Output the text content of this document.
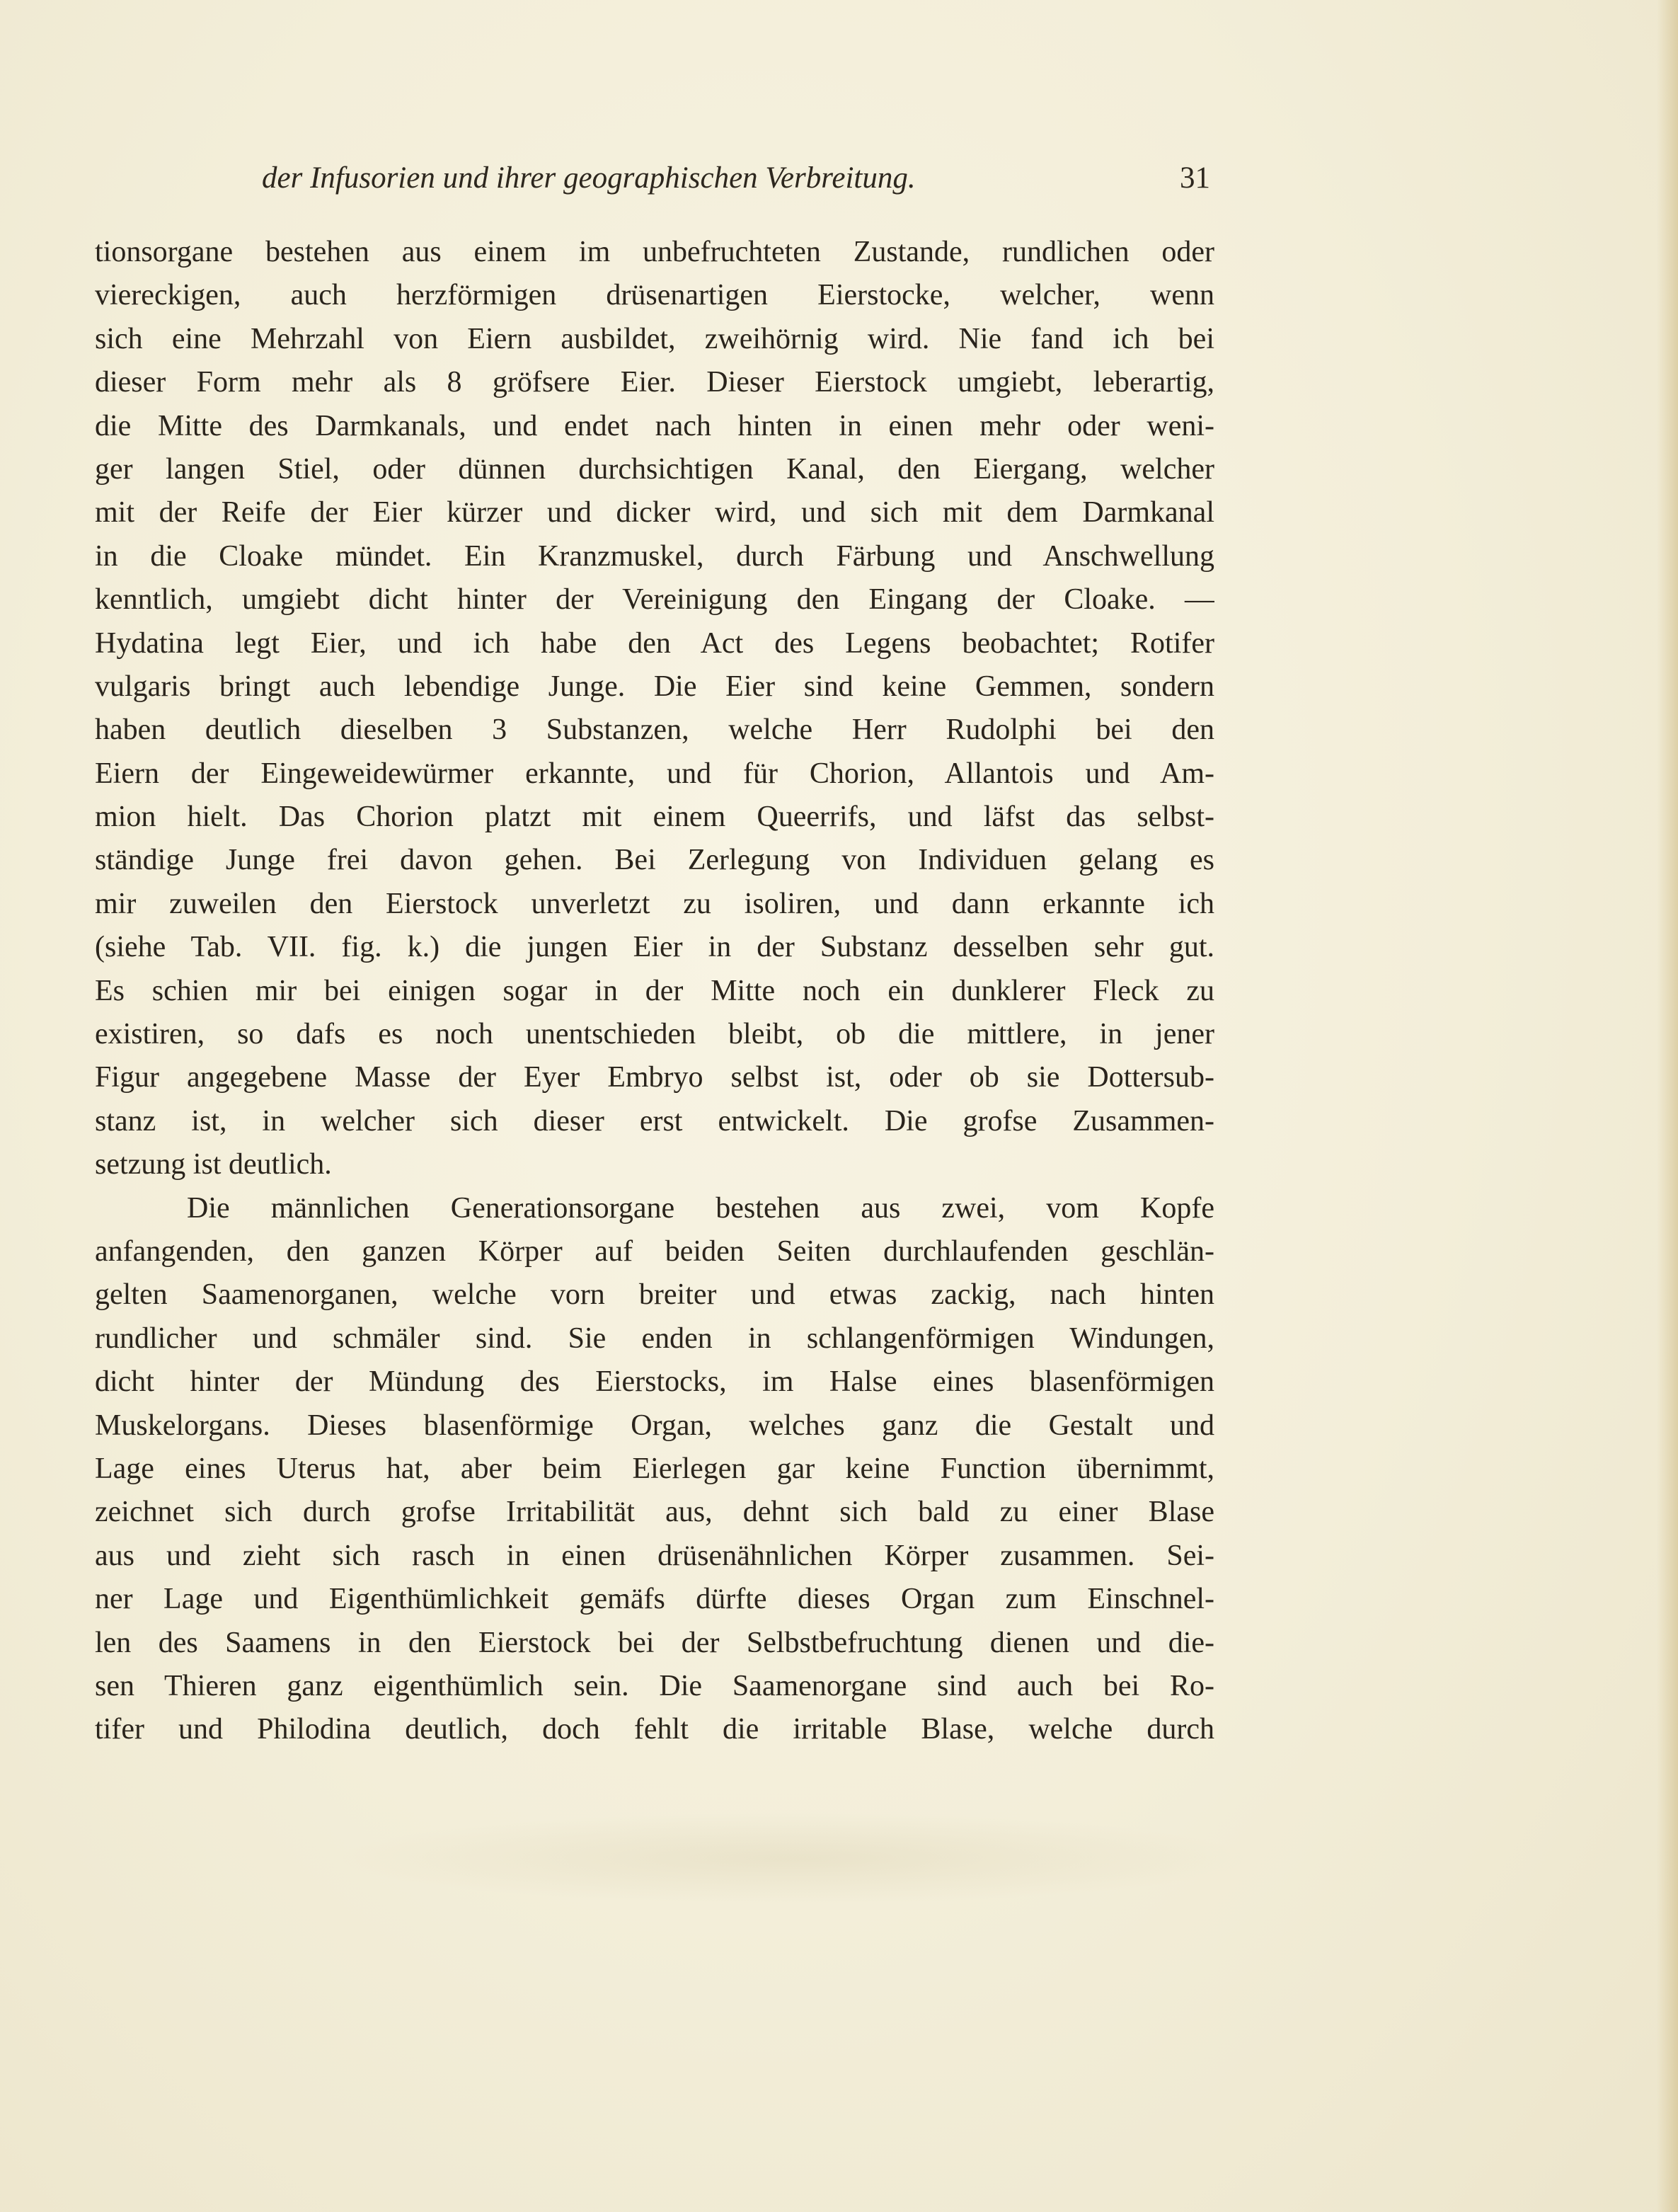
der Infusorien und ihrer geographischen Verbreitung.	31
tionsorgane bestehen aus einem im unbefruchteten Zustande, rundlichen oder
viereckigen, auch herzförmigen drüsenartigen Eierstocke, welcher, wenn
sich eine Mehrzahl von Eiern ausbildet, zweihörnig wird. Nie fand ich bei
dieser Form mehr als 8 gröfsere Eier. Dieser Eierstock umgiebt, leberartig,
die Mitte des Darmkanals, und endet nach hinten in einen mehr oder weni-
ger langen Stiel, oder dünnen durchsichtigen Kanal, den Eiergang, welcher
mit der Reife der Eier kürzer und dicker wird, und sich mit dem Darmkanal
in die Cloake mündet. Ein Kranzmuskel, durch Färbung und Anschwellung
kenntlich, umgiebt dicht hinter der Vereinigung den Eingang der Cloake. —
Hydatina legt Eier, und ich habe den Act des Legens beobachtet; Rotifer
vulgaris bringt auch lebendige Junge. Die Eier sind keine Gemmen, sondern
haben deutlich dieselben 3 Substanzen, welche Herr Rudolphi bei den
Eiern der Eingeweidewürmer erkannte, und für Chorion, Allantois und Am-
mion hielt. Das Chorion platzt mit einem Queerrifs, und läfst das selbst-
ständige Junge frei davon gehen. Bei Zerlegung von Individuen gelang es
mir zuweilen den Eierstock unverletzt zu isoliren, und dann erkannte ich
(siehe Tab. VII. fig. k.) die jungen Eier in der Substanz desselben sehr gut.
Es schien mir bei einigen sogar in der Mitte noch ein dunklerer Fleck zu
existiren, so dafs es noch unentschieden bleibt, ob die mittlere, in jener
Figur angegebene Masse der Eyer Embryo selbst ist, oder ob sie Dottersub-
stanz ist, in welcher sich dieser erst entwickelt. Die grofse Zusammen-
setzung ist deutlich.
Die männlichen Generationsorgane bestehen aus zwei, vom Kopfe
anfangenden, den ganzen Körper auf beiden Seiten durchlaufenden geschlän-
gelten Saamenorganen, welche vorn breiter und etwas zackig, nach hinten
rundlicher und schmäler sind. Sie enden in schlangenförmigen Windungen,
dicht hinter der Mündung des Eierstocks, im Halse eines blasenförmigen
Muskelorgans. Dieses blasenförmige Organ, welches ganz die Gestalt und
Lage eines Uterus hat, aber beim Eierlegen gar keine Function übernimmt,
zeichnet sich durch grofse Irritabilität aus, dehnt sich bald zu einer Blase
aus und zieht sich rasch in einen drüsenähnlichen Körper zusammen. Sei-
ner Lage und Eigenthümlichkeit gemäfs dürfte dieses Organ zum Einschnel-
len des Saamens in den Eierstock bei der Selbstbefruchtung dienen und die-
sen Thieren ganz eigenthümlich sein. Die Saamenorgane sind auch bei Ro-
tifer und Philodina deutlich, doch fehlt die irritable Blase, welche durch
